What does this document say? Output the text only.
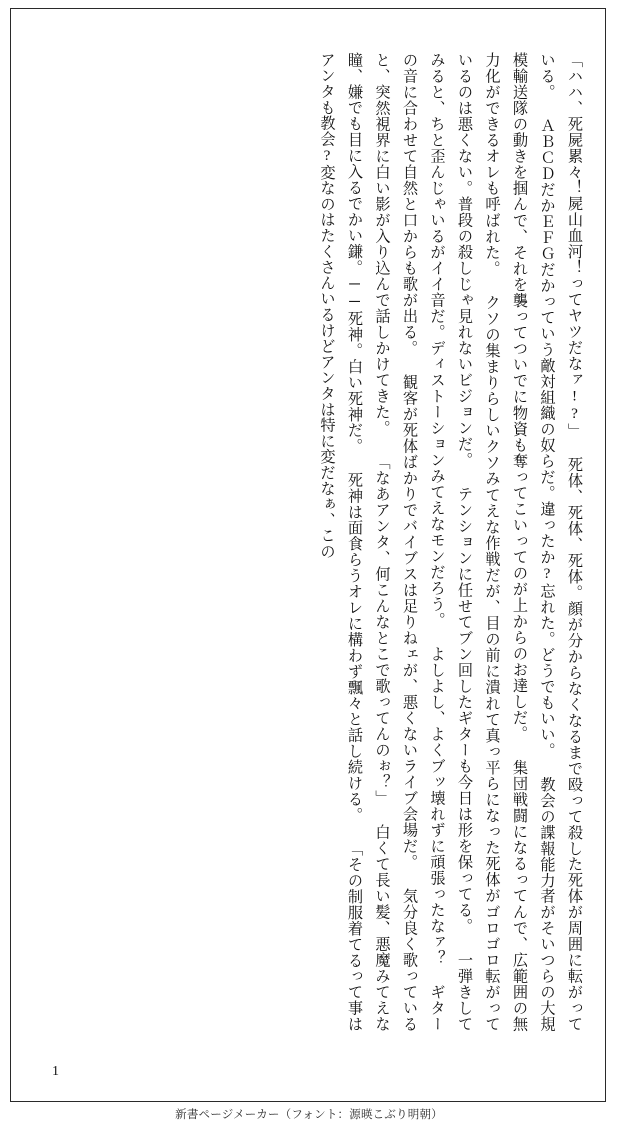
「ハハ、死屍累々！屍山血河！ってヤツだなァ!?」 死体、死体、死体。顔が分からなくなるまで殴って殺した死体が周囲に転がっている。 ＡＢＣＤだかＥＦＧだかっていう敵対組織の奴らだ。違ったか?忘れた。どうでもいい。 教会の諜報能力者がそいつらの大規模輸送隊の動きを掴んで、それを襲ってついでに物資も奪ってこいってのが上からのお達しだ。 集団戦闘になるってんで、広範囲の無力化ができるオレも呼ばれた。 クソの集まりらしいクソみてえな作戦だが、目の前に潰れて真っ平らになった死体がゴロゴロ転がっているのは悪くない。普段の殺しじゃ見れないビジョンだ。 テンションに任せてブン回したギターも今日は形を保ってる。 一弾きしてみると、ちと歪んじゃいるがイイ音だ。ディストーションみてえなモンだろう。 よしよし、よくブッ壊れずに頑張ったなァ？ ギターの音に合わせて自然と口からも歌が出る。 観客が死体ばかりでバイブスは足りねェが、悪くないライブ会場だ。 気分良く歌っていると、突然視界に白い影が入り込んで話しかけてきた。 「なあアンタ、何こんなとこで歌ってんのぉ？」 白くて長い髪、悪魔みてえな瞳、嫌でも目に入るでかい鎌。──死神。白い死神だ。 死神は面食らうオレに構わず飄々と話し続ける。 「その制服着てるって事はアンタも教会?変なのはたくさんいるけどアンタは特に変だなぁ、この
1
新書ページメーカー（フォント：源暎こぶり明朝）
